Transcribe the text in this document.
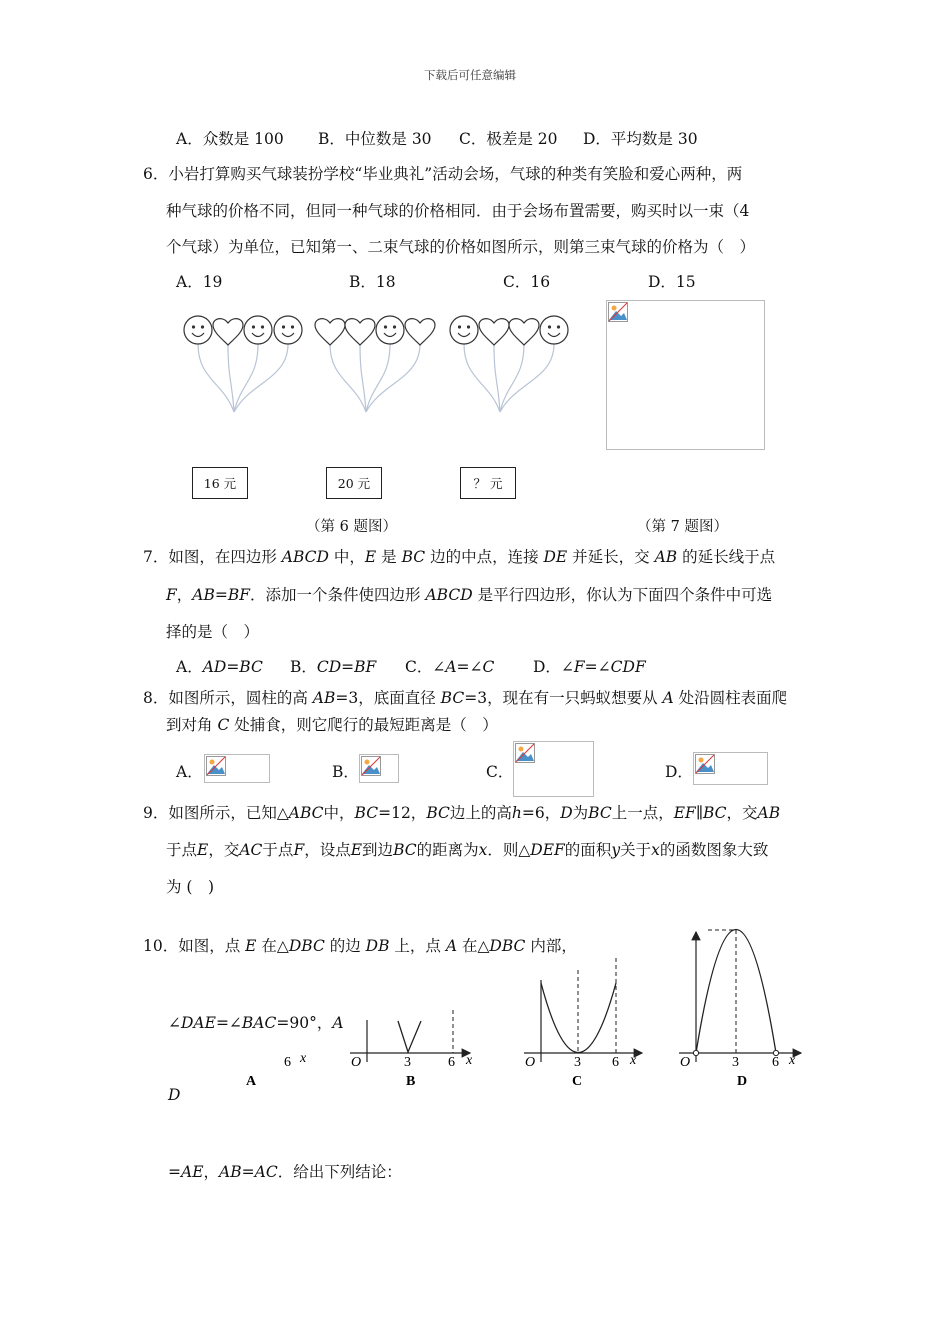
下载后可任意编辑
A．众数是 100 B．中位数是 30 C．极差是 20 D．平均数是 30
6．小岩打算购买气球装扮学校“毕业典礼”活动会场，气球的种类有笑脸和爱心两种，两
种气球的价格不同，但同一种气球的价格相同．由于会场布置需要，购买时以一束（4
个气球）为单位，已知第一、二束气球的价格如图所示，则第三束气球的价格为（　）
A．19	B．18	C．16	D．15
16 元	20 元	？ 元
（第 6 题图）	（第 7 题图）
7．如图，在四边形 ABCD 中，E 是 BC 边的中点，连接 DE 并延长，交 AB 的延长线于点
F，AB=BF．添加一个条件使四边形 ABCD 是平行四边形，你认为下面四个条件中可选
择的是（　）
A．AD=BC B．CD=BF C．∠A=∠C D．∠F=∠CDF
8．如图所示，圆柱的高 AB=3，底面直径 BC=3，现在有一只蚂蚁想要从 A 处沿圆柱表面爬
到对角 C 处捕食，则它爬行的最短距离是（　）
A．	B．	C．	D．
9．如图所示，已知△ABC中，BC=12，BC边上的高h=6，D为BC上一点，EF∥BC，交AB
于点E，交AC于点F，设点E到边BC的距离为x．则△DEF的面积y关于x的函数图象大致
为 (　)
10．如图，点 E 在△DBC 的边 DB 上，点 A 在△DBC 内部，
∠DAE=∠BAC=90°，A
D
=AE，AB=AC．给出下列结论：
6 x
A
O	3	6 x
B
O	3 6 x
C
O	3 6 x
D
